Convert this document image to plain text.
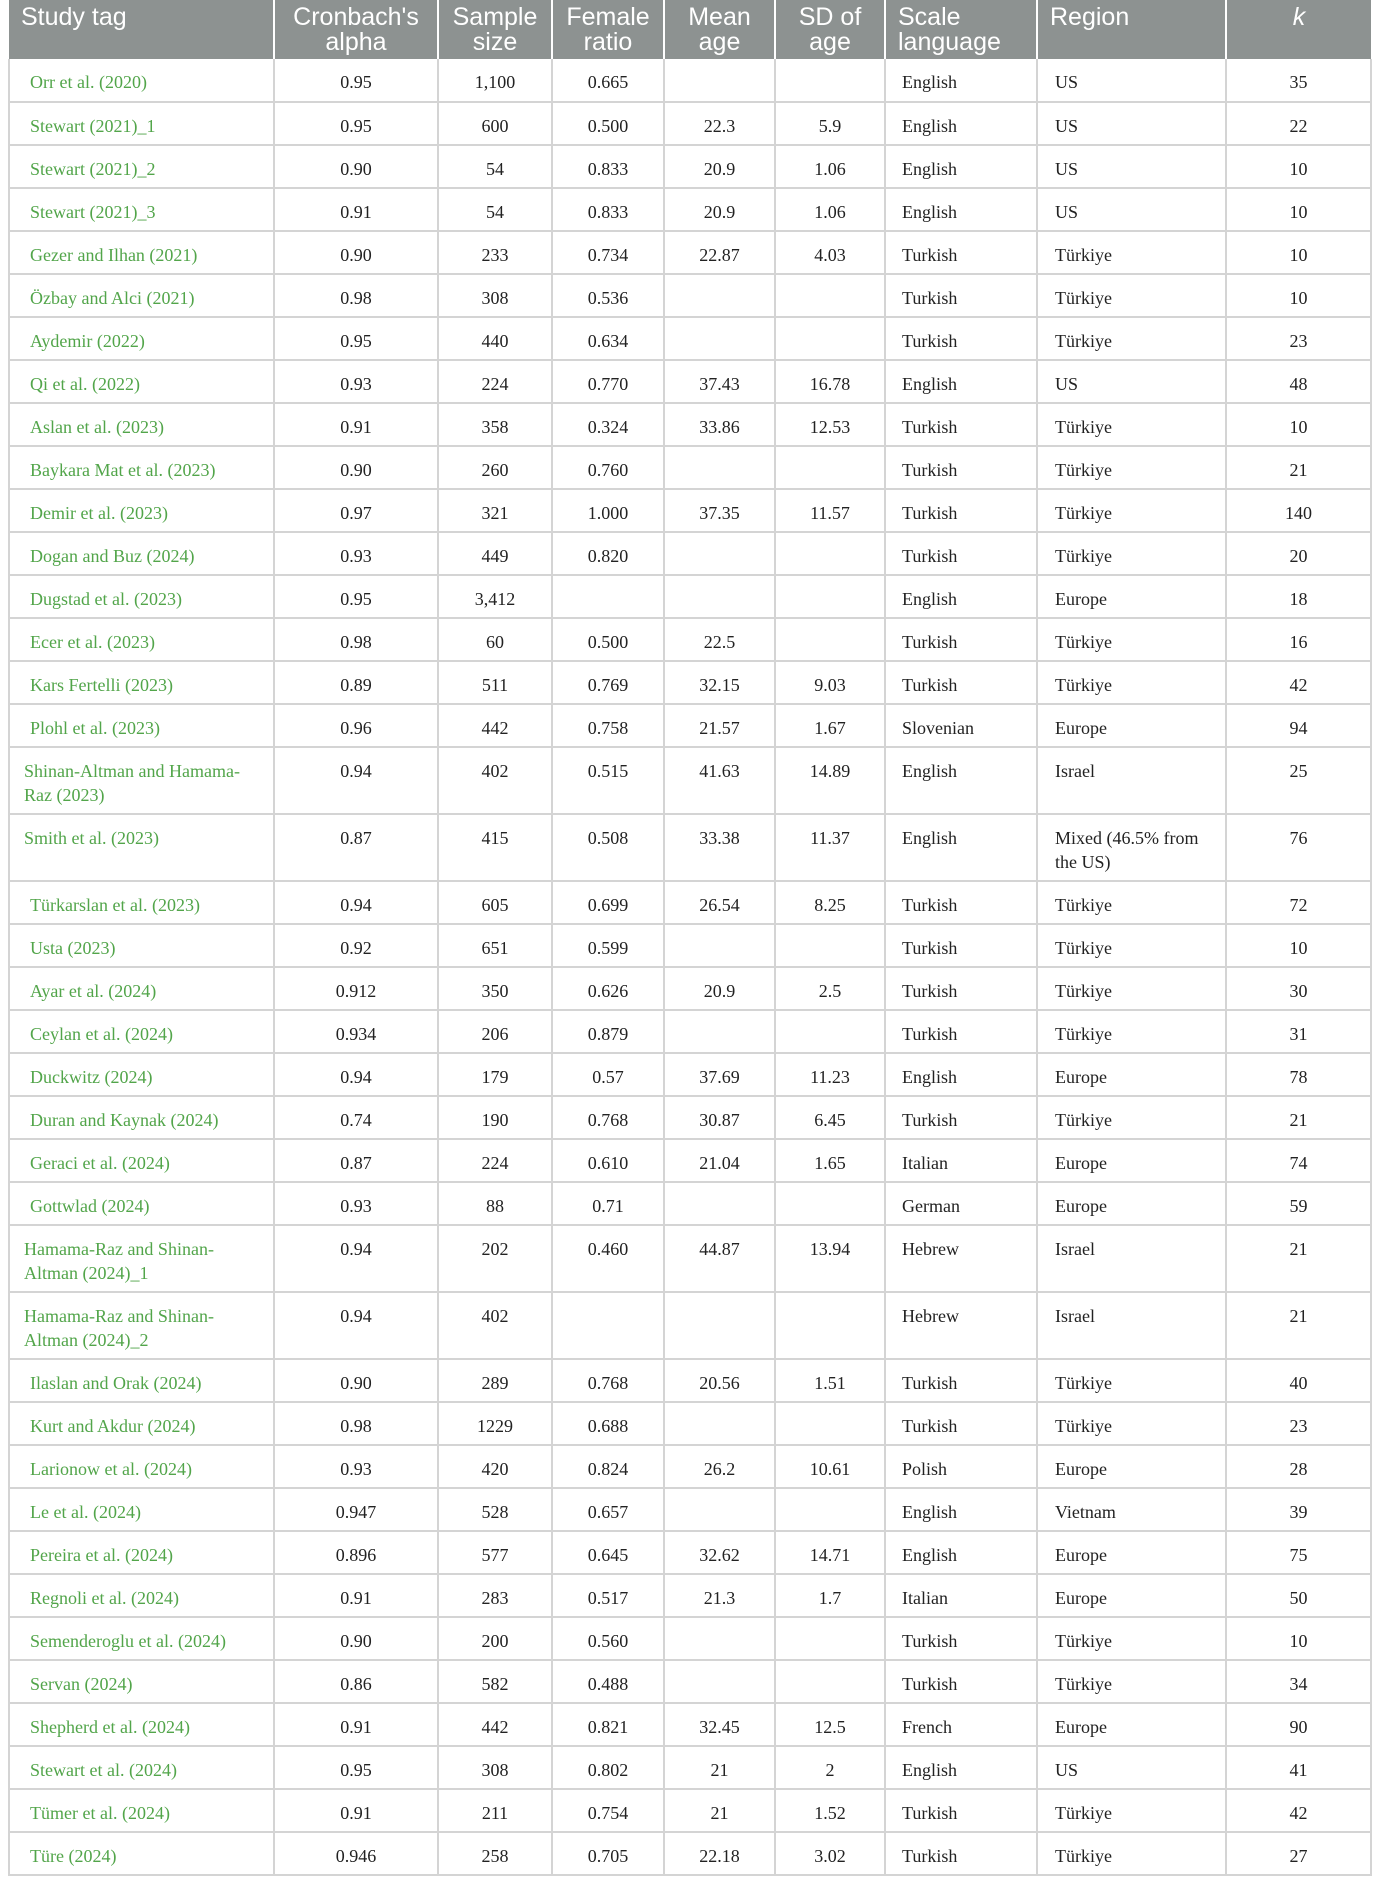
Study tag	Cronbach's alpha	Sample size	Female ratio	Mean age	SD of age	Scale language	Region	k
Orr et al. (2020)	0.95	1,100	0.665			English	US	35
Stewart (2021)_1	0.95	600	0.500	22.3	5.9	English	US	22
Stewart (2021)_2	0.90	54	0.833	20.9	1.06	English	US	10
Stewart (2021)_3	0.91	54	0.833	20.9	1.06	English	US	10
Gezer and Ilhan (2021)	0.90	233	0.734	22.87	4.03	Turkish	Türkiye	10
Özbay and Alci (2021)	0.98	308	0.536			Turkish	Türkiye	10
Aydemir (2022)	0.95	440	0.634			Turkish	Türkiye	23
Qi et al. (2022)	0.93	224	0.770	37.43	16.78	English	US	48
Aslan et al. (2023)	0.91	358	0.324	33.86	12.53	Turkish	Türkiye	10
Baykara Mat et al. (2023)	0.90	260	0.760			Turkish	Türkiye	21
Demir et al. (2023)	0.97	321	1.000	37.35	11.57	Turkish	Türkiye	140
Dogan and Buz (2024)	0.93	449	0.820			Turkish	Türkiye	20
Dugstad et al. (2023)	0.95	3,412				English	Europe	18
Ecer et al. (2023)	0.98	60	0.500	22.5		Turkish	Türkiye	16
Kars Fertelli (2023)	0.89	511	0.769	32.15	9.03	Turkish	Türkiye	42
Plohl et al. (2023)	0.96	442	0.758	21.57	1.67	Slovenian	Europe	94
Shinan-Altman and Hamama-Raz (2023)	0.94	402	0.515	41.63	14.89	English	Israel	25
Smith et al. (2023)	0.87	415	0.508	33.38	11.37	English	Mixed (46.5% from the US)	76
Türkarslan et al. (2023)	0.94	605	0.699	26.54	8.25	Turkish	Türkiye	72
Usta (2023)	0.92	651	0.599			Turkish	Türkiye	10
Ayar et al. (2024)	0.912	350	0.626	20.9	2.5	Turkish	Türkiye	30
Ceylan et al. (2024)	0.934	206	0.879			Turkish	Türkiye	31
Duckwitz (2024)	0.94	179	0.57	37.69	11.23	English	Europe	78
Duran and Kaynak (2024)	0.74	190	0.768	30.87	6.45	Turkish	Türkiye	21
Geraci et al. (2024)	0.87	224	0.610	21.04	1.65	Italian	Europe	74
Gottwlad (2024)	0.93	88	0.71			German	Europe	59
Hamama-Raz and Shinan-Altman (2024)_1	0.94	202	0.460	44.87	13.94	Hebrew	Israel	21
Hamama-Raz and Shinan-Altman (2024)_2	0.94	402				Hebrew	Israel	21
Ilaslan and Orak (2024)	0.90	289	0.768	20.56	1.51	Turkish	Türkiye	40
Kurt and Akdur (2024)	0.98	1229	0.688			Turkish	Türkiye	23
Larionow et al. (2024)	0.93	420	0.824	26.2	10.61	Polish	Europe	28
Le et al. (2024)	0.947	528	0.657			English	Vietnam	39
Pereira et al. (2024)	0.896	577	0.645	32.62	14.71	English	Europe	75
Regnoli et al. (2024)	0.91	283	0.517	21.3	1.7	Italian	Europe	50
Semenderoglu et al. (2024)	0.90	200	0.560			Turkish	Türkiye	10
Servan (2024)	0.86	582	0.488			Turkish	Türkiye	34
Shepherd et al. (2024)	0.91	442	0.821	32.45	12.5	French	Europe	90
Stewart et al. (2024)	0.95	308	0.802	21	2	English	US	41
Tümer et al. (2024)	0.91	211	0.754	21	1.52	Turkish	Türkiye	42
Türe (2024)	0.946	258	0.705	22.18	3.02	Turkish	Türkiye	27
